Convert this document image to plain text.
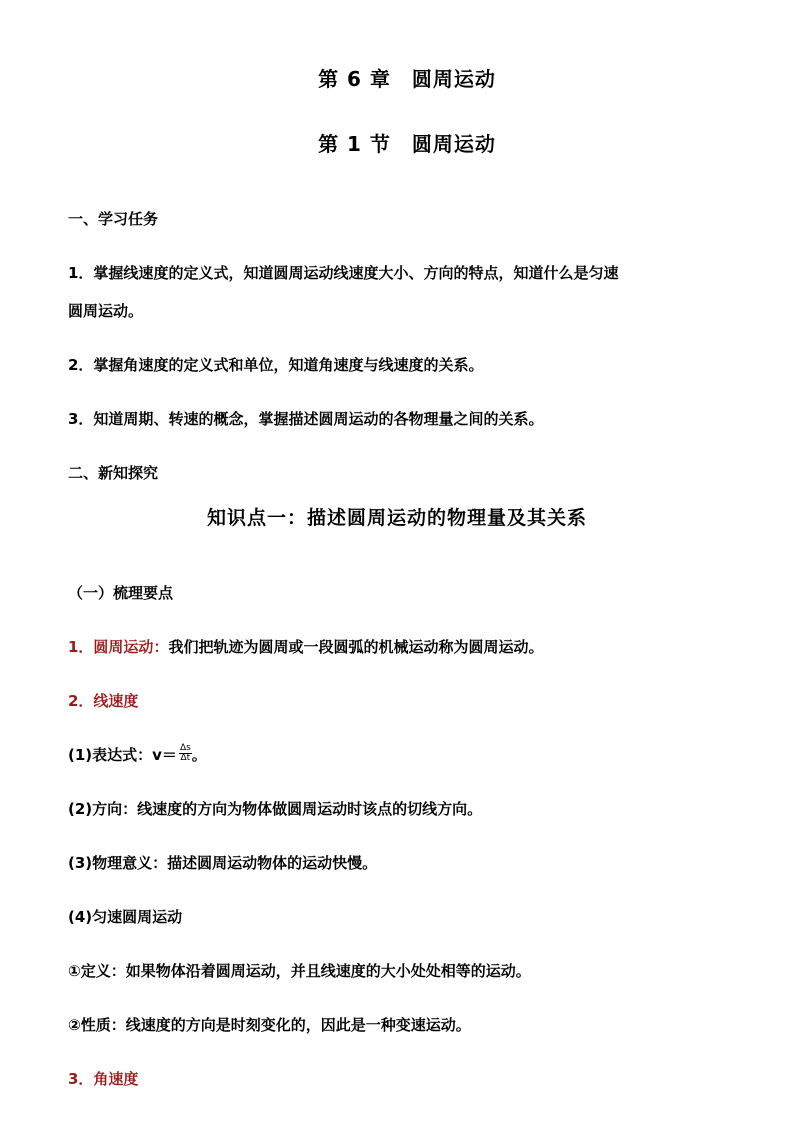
第 6 章　圆周运动
第 1 节　圆周运动
一、学习任务
1．掌握线速度的定义式，知道圆周运动线速度大小、方向的特点，知道什么是匀速
圆周运动。
2．掌握角速度的定义式和单位，知道角速度与线速度的关系。
3．知道周期、转速的概念，掌握描述圆周运动的各物理量之间的关系。
二、新知探究
知识点一：描述圆周运动的物理量及其关系
（一）梳理要点
1．圆周运动：我们把轨迹为圆周或一段圆弧的机械运动称为圆周运动。
2．线速度
(1)表达式：$v= \frac{\Delta s}{\Delta t}$ 。
(2)方向：线速度的方向为物体做圆周运动时该点的切线方向。
(3)物理意义：描述圆周运动物体的运动快慢。
(4)匀速圆周运动
①定义：如果物体沿着圆周运动，并且线速度的大小处处相等的运动。
②性质：线速度的方向是时刻变化的，因此是一种变速运动。
3．角速度
